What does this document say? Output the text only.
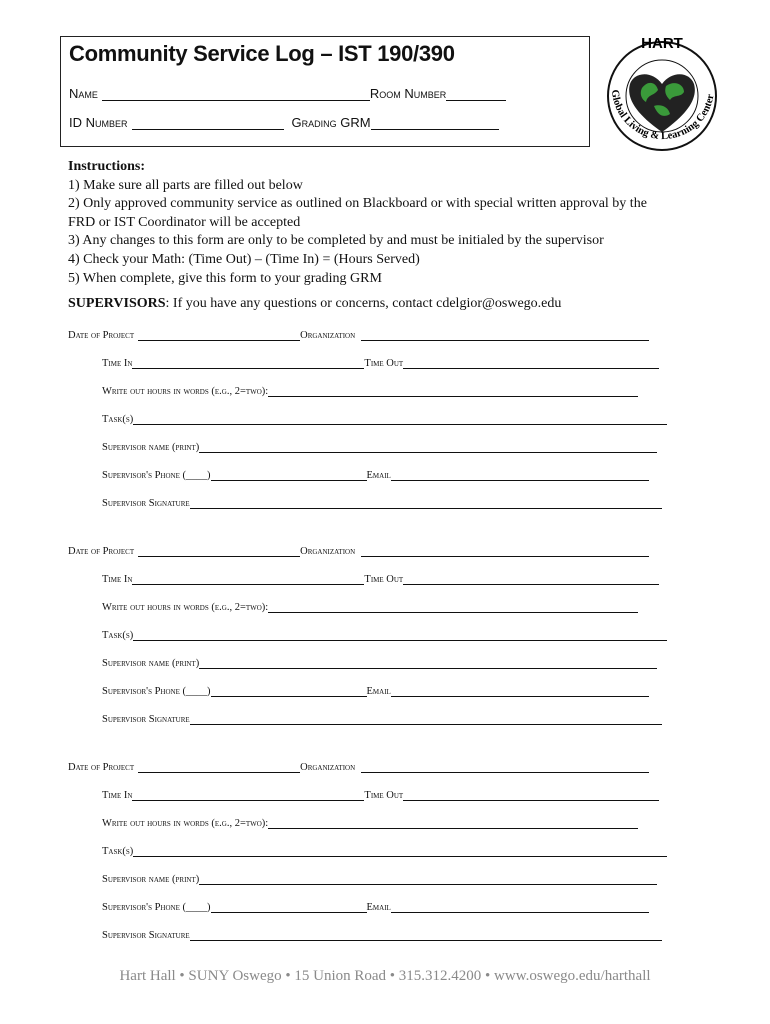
Community Service Log – IST 190/390
Name	Room Number
ID Number	Grading GRM
HART
Global Living & Learning Center
Instructions:
1) Make sure all parts are filled out below
2) Only approved community service as outlined on Blackboard or with special written approval by the
FRD or IST Coordinator will be accepted
3) Any changes to this form are only to be completed by and must be initialed by the supervisor
4) Check your Math: (Time Out) – (Time In) = (Hours Served)
5) When complete, give this form to your grading GRM
SUPERVISORS: If you have any questions or concerns, contact cdelgior@oswego.edu
Date of Project	Organization
Time In	Time Out
Write out hours in words (e.g., 2=two):
Task(s)
Supervisor name (print)
Supervisor's Phone (____)	Email
Supervisor Signature
Date of Project	Organization
Time In	Time Out
Write out hours in words (e.g., 2=two):
Task(s)
Supervisor name (print)
Supervisor's Phone (____)	Email
Supervisor Signature
Date of Project	Organization
Time In	Time Out
Write out hours in words (e.g., 2=two):
Task(s)
Supervisor name (print)
Supervisor's Phone (____)	Email
Supervisor Signature
Hart Hall • SUNY Oswego • 15 Union Road • 315.312.4200 • www.oswego.edu/harthall
